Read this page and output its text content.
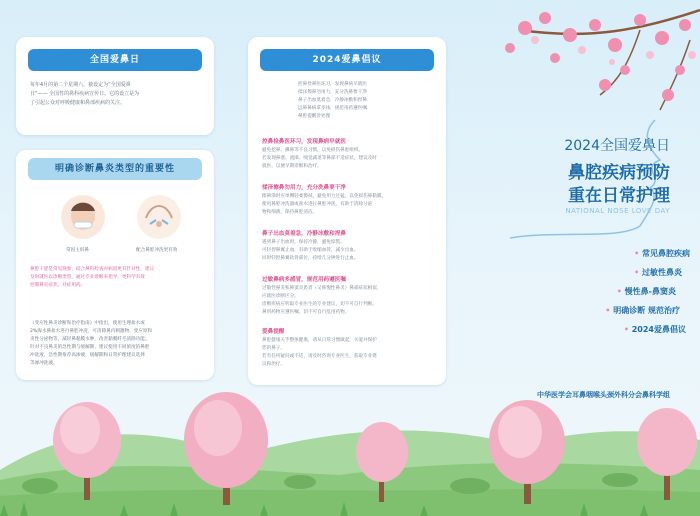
全国爱鼻日
每年4月的第二个星期六，被设定为“全国爱鼻
日”—— 全国性的鼻科疾病宣传日。它的设立是为
了引起公众对呼吸健康和鼻部疾病的关注。
明确诊断鼻炎类型的重要性
常因主诉鼻	配合鼻腔冲洗更有效
鼻腔干涩是常见现象，结合鼻科检查对病因更有针对性，建议
及时就医以诊断类型，通过专业诊断来指导，更科学有效
控制鼻炎症状，对症用药。
《变应性鼻炎诊断和治疗指南》中指出，使用生理盐水或
2%海水鼻盐水进行鼻腔冲洗，可清除鼻内刺激物、变应原和
炎性分泌物等，减轻鼻黏膜水肿，改善黏膜纤毛清除功能。
针对不良鼻炎的急性期与缓解期，建议使用不同浓度的鼻腔
冲洗液，急性期推荐高渗液，缓解期和日常护理建议选择
等渗冲洗液。
2024爱鼻倡议
控鼻捡鼻医环习，发现鼻病早就医
揉泽擦鼻勿用力，充分洗鼻要干净
鼻子出血莫着急，冷静冰敷和捏鼻
远鼻鼻病拿多体，规范用药遵医嘱
鼻腔提醒善处理
控鼻捡鼻医环习，发现鼻病早就医
避免挖鼻、擤鼻等不良习惯，以免损伤鼻腔组织。
若发现鼻塞、流涕、嗅觉减退等鼻部不适症状，建议及时
就医，以便早期诊断和治疗。
揉泽擦鼻勿用力，充分洗鼻要干净
擦鼻涕时应单侧轻柔擦拭，避免用力过猛，以免损伤鼻黏膜。
使用鼻腔冲洗器或盐水进行鼻腔冲洗，有助于清除分泌
物和细菌，保持鼻腔清洁。
鼻子出血莫着急，冷静冰敷和捏鼻
遇到鼻子出血时，保持冷静，避免惊慌。
可轻捏鼻翼止血，有助于收缩血管，减少出血。
同时轻捏鼻翼软骨部位，持续几分钟进行止血。
过敏鼻病多感冒，规范用药遵医嘱
过敏性鼻炎和鼻窦炎患者（又称慢性鼻炎）鼻部症状相似，
应就医诊断区分。
诊断疾病应听取专业医生的专业建议，切不可自行判断。
鼻用药物应遵医嘱，切不可自行乱用药物。
爱鼻提醒
鼻腔健康关乎整体健康，请从日常习惯做起，关爱并保护
您的鼻子。
若有任何疑问或不适，请及时咨询专业医生，获取专业建
议和治疗。
2024全国爱鼻日
鼻腔疾病预防
重在日常护理
NATIONAL NOSE LOVE DAY
• 常见鼻腔疾病
• 过敏性鼻炎
• 慢性鼻-鼻窦炎
• 明确诊断 规范治疗
• 2024爱鼻倡议
中华医学会耳鼻咽喉头颈外科分会鼻科学组
